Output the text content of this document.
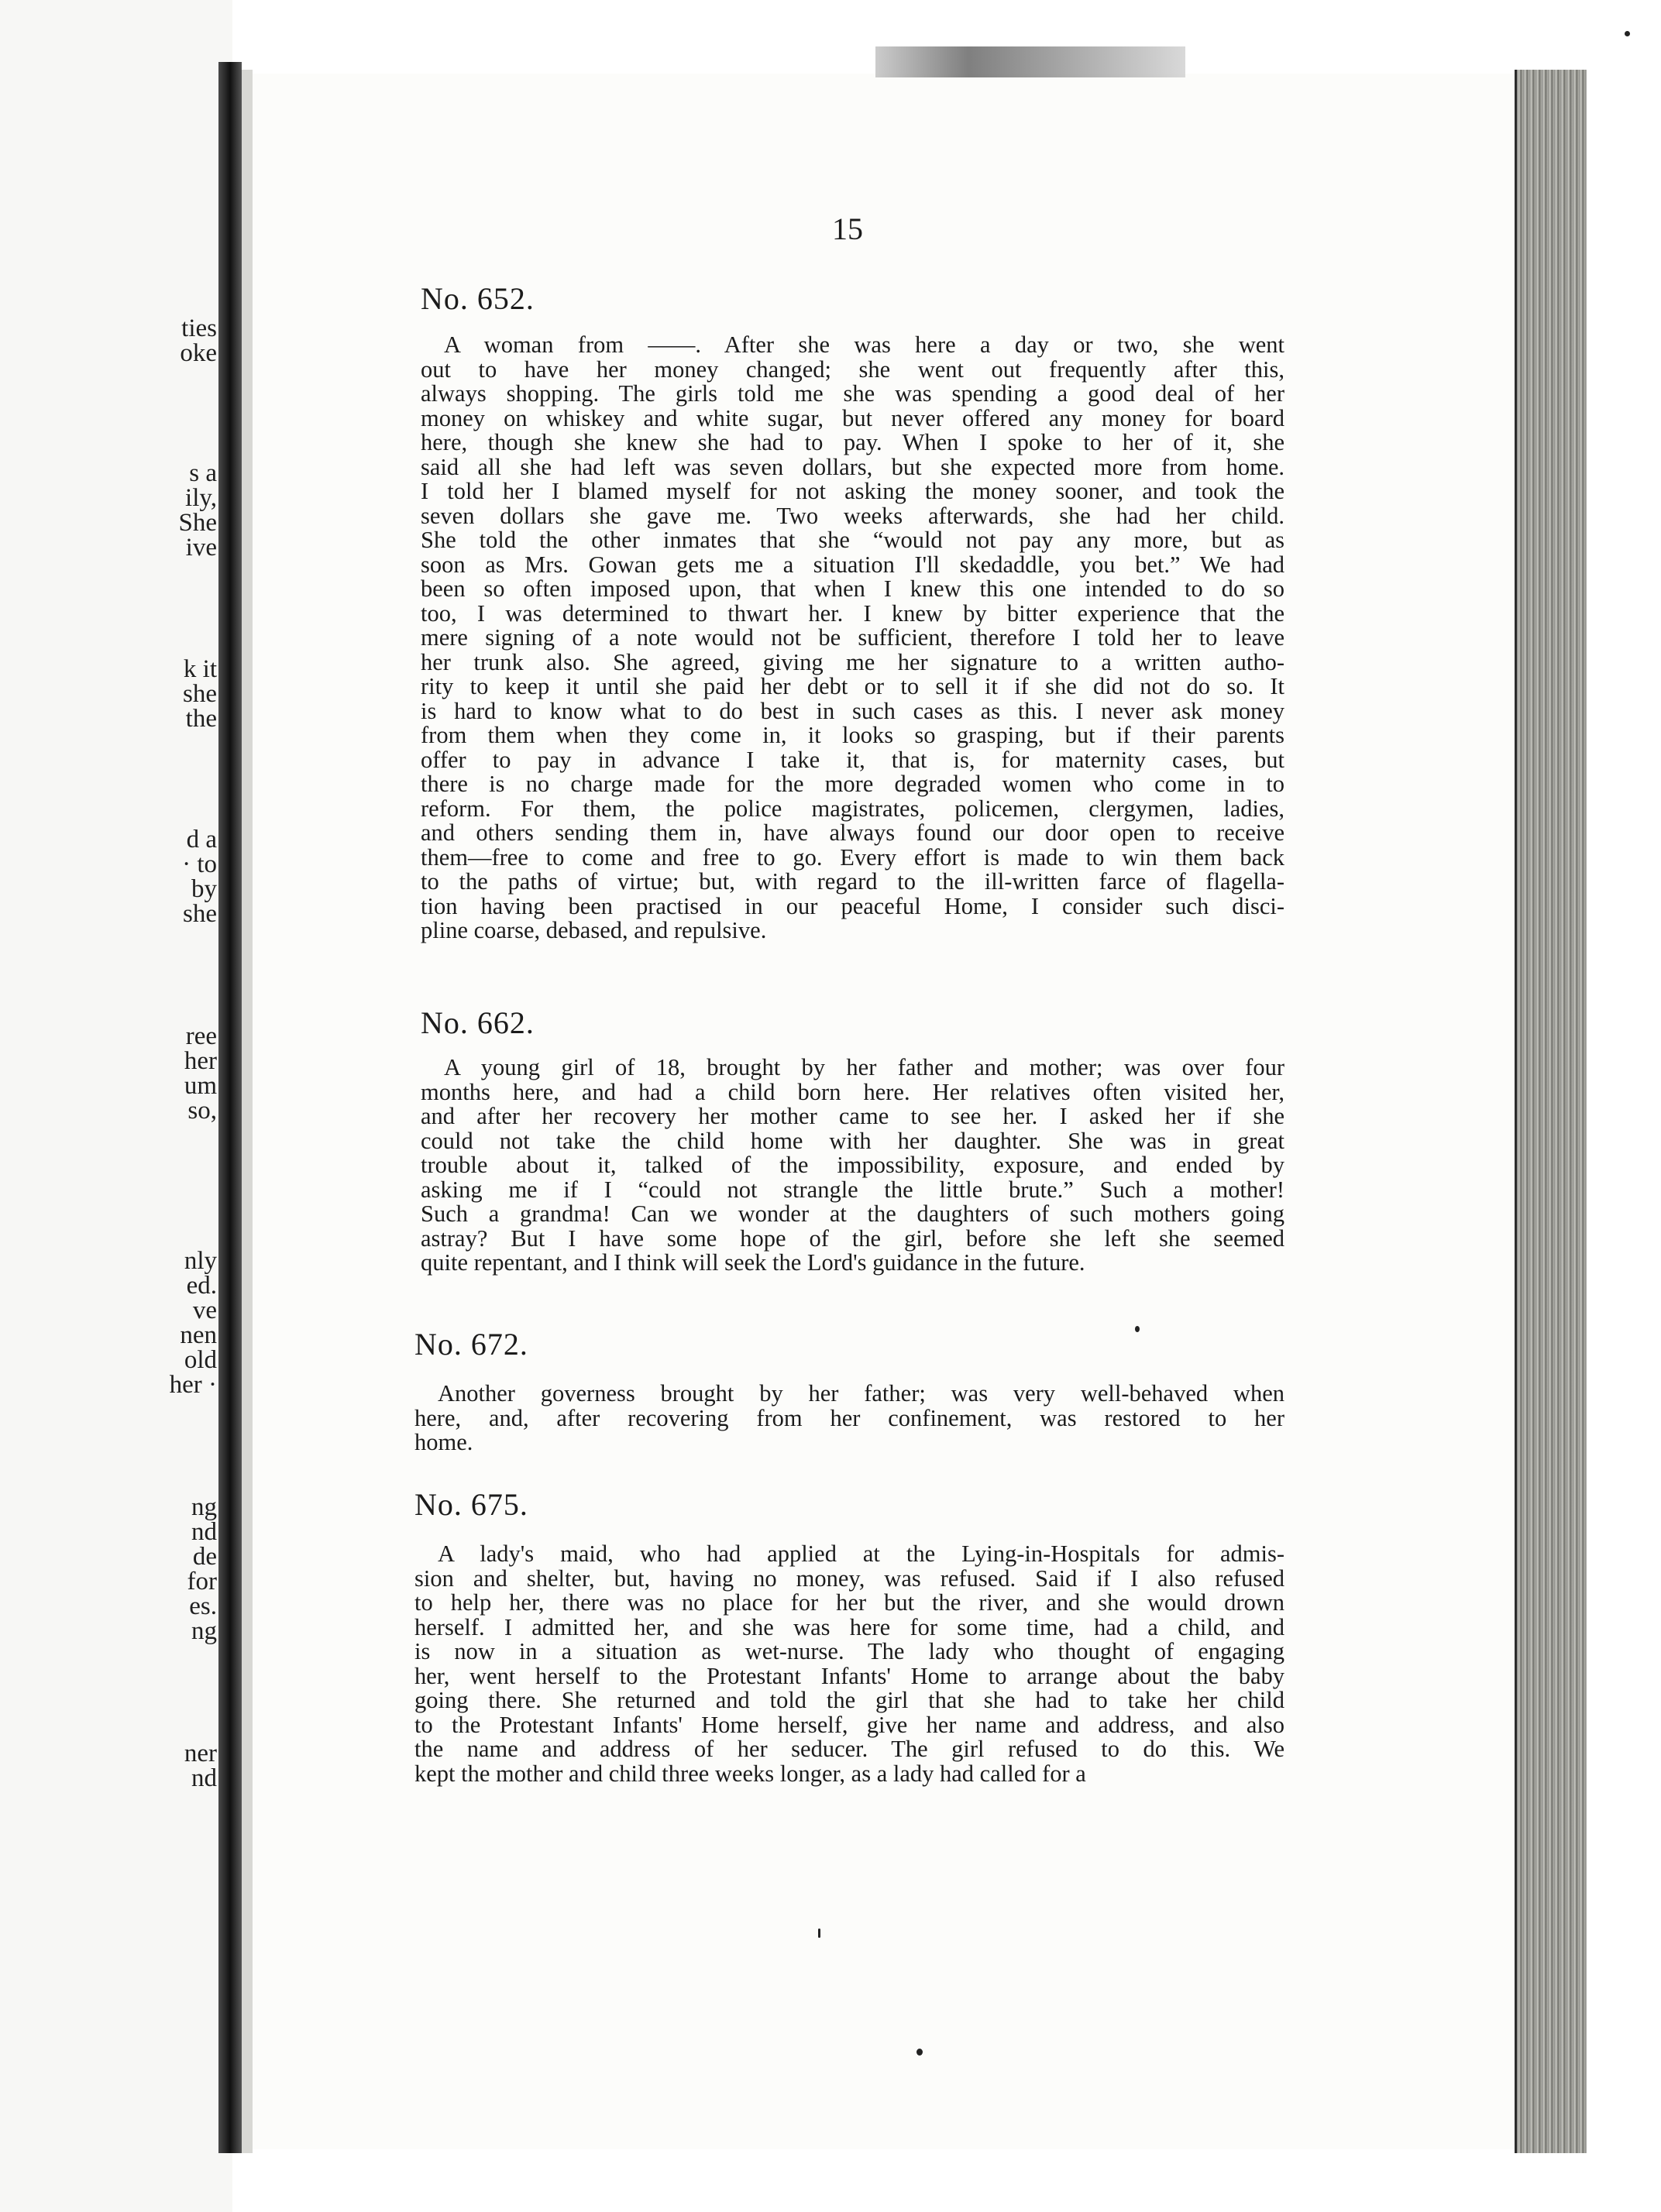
ties
oke
s a
ily,
She
ive
k it
she
the
d a
· to
by
she
ree
her
um
so,
nly
ed.
ve
nen
old
her ·
ng
nd
de
for
es.
ng
ner
nd
15
No. 652.

A woman from ——. After she was here a day or two, she went
out to have her money changed; she went out frequently after this,
always shopping. The girls told me she was spending a good deal of her
money on whiskey and white sugar, but never offered any money for board
here, though she knew she had to pay. When I spoke to her of it, she
said all she had left was seven dollars, but she expected more from home.
I told her I blamed myself for not asking the money sooner, and took the
seven dollars she gave me. Two weeks afterwards, she had her child.
She told the other inmates that she “would not pay any more, but as
soon as Mrs. Gowan gets me a situation I'll skedaddle, you bet.” We had
been so often imposed upon, that when I knew this one intended to do so
too, I was determined to thwart her. I knew by bitter experience that the
mere signing of a note would not be sufficient, therefore I told her to leave
her trunk also. She agreed, giving me her signature to a written autho-
rity to keep it until she paid her debt or to sell it if she did not do so. It
is hard to know what to do best in such cases as this. I never ask money
from them when they come in, it looks so grasping, but if their parents
offer to pay in advance I take it, that is, for maternity cases, but
there is no charge made for the more degraded women who come in to
reform. For them, the police magistrates, policemen, clergymen, ladies,
and others sending them in, have always found our door open to receive
them—free to come and free to go. Every effort is made to win them back
to the paths of virtue; but, with regard to the ill-written farce of flagella-
tion having been practised in our peaceful Home, I consider such disci-
pline coarse, debased, and repulsive.

No. 662.

A young girl of 18, brought by her father and mother; was over four
months here, and had a child born here. Her relatives often visited her,
and after her recovery her mother came to see her. I asked her if she
could not take the child home with her daughter. She was in great
trouble about it, talked of the impossibility, exposure, and ended by
asking me if I “could not strangle the little brute.” Such a mother!
Such a grandma! Can we wonder at the daughters of such mothers going
astray? But I have some hope of the girl, before she left she seemed
quite repentant, and I think will seek the Lord's guidance in the future.

No. 672.

Another governess brought by her father; was very well-behaved when
here, and, after recovering from her confinement, was restored to her
home.

No. 675.

A lady's maid, who had applied at the Lying-in-Hospitals for admis-
sion and shelter, but, having no money, was refused. Said if I also refused
to help her, there was no place for her but the river, and she would drown
herself. I admitted her, and she was here for some time, had a child, and
is now in a situation as wet-nurse. The lady who thought of engaging
her, went herself to the Protestant Infants' Home to arrange about the baby
going there. She returned and told the girl that she had to take her child
to the Protestant Infants' Home herself, give her name and address, and also
the name and address of her seducer. The girl refused to do this. We
kept the mother and child three weeks longer, as a lady had called for a
